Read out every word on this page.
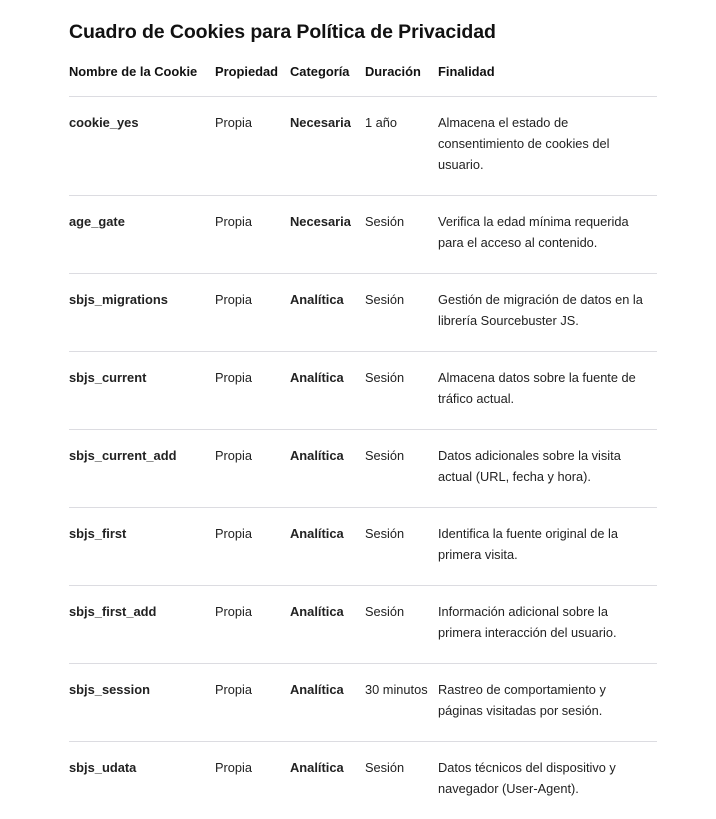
Cuadro de Cookies para Política de Privacidad
Nombre de la Cookie	Propiedad	Categoría	Duración	Finalidad
cookie_yes	Propia	Necesaria	1 año	Almacena el estado de consentimiento de cookies del usuario.
age_gate	Propia	Necesaria	Sesión	Verifica la edad mínima requerida para el acceso al contenido.
sbjs_migrations	Propia	Analítica	Sesión	Gestión de migración de datos en la librería Sourcebuster JS.
sbjs_current	Propia	Analítica	Sesión	Almacena datos sobre la fuente de tráfico actual.
sbjs_current_add	Propia	Analítica	Sesión	Datos adicionales sobre la visita actual (URL, fecha y hora).
sbjs_first	Propia	Analítica	Sesión	Identifica la fuente original de la primera visita.
sbjs_first_add	Propia	Analítica	Sesión	Información adicional sobre la primera interacción del usuario.
sbjs_session	Propia	Analítica	30 minutos	Rastreo de comportamiento y páginas visitadas por sesión.
sbjs_udata	Propia	Analítica	Sesión	Datos técnicos del dispositivo y navegador (User-Agent).
